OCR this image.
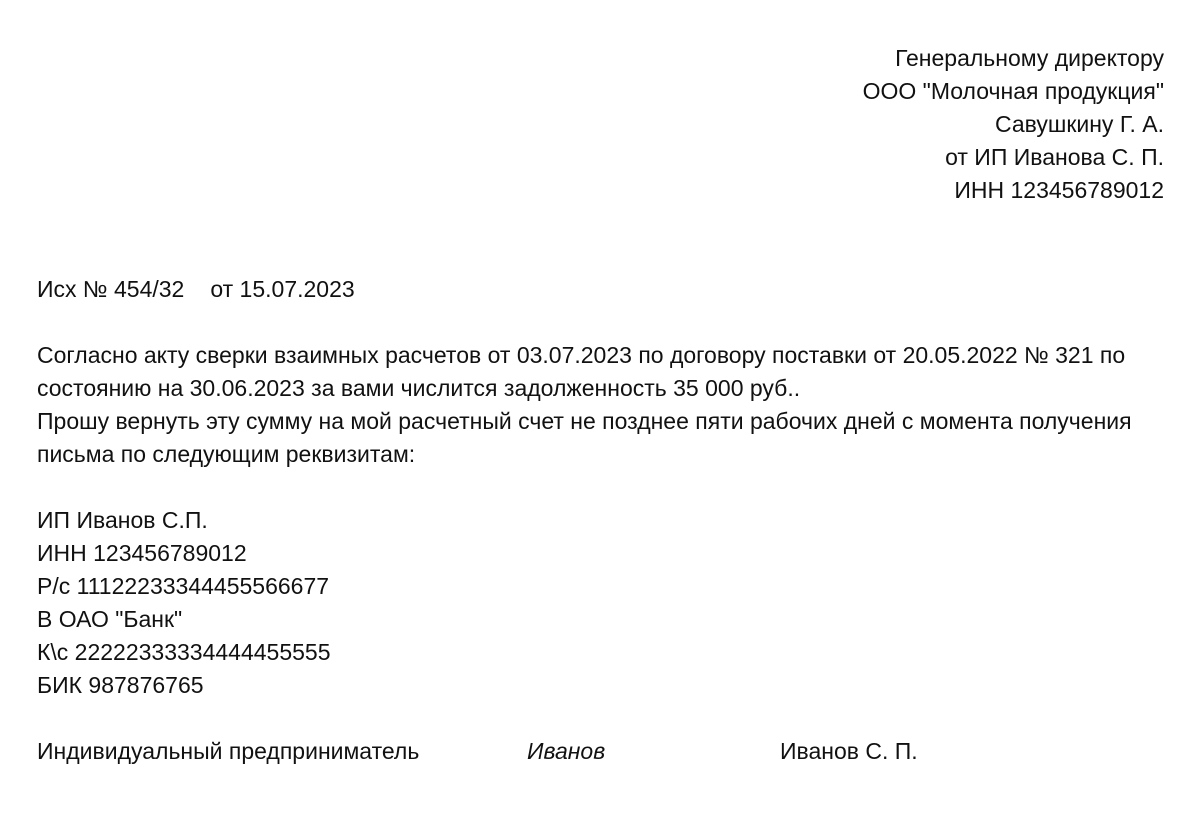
Генеральному директору
ООО "Молочная продукция"
Савушкину Г. А.
от ИП Иванова С. П.
ИНН 123456789012
Исх № 454/32 от 15.07.2023

Согласно акту сверки взаимных расчетов от 03.07.2023 по договору поставки от 20.05.2022 № 321 по состоянию на 30.06.2023 за вами числится задолженность 35 000 руб..

Прошу вернуть эту сумму на мой расчетный счет не позднее пяти рабочих дней с момента получения письма по следующим реквизитам:

ИП Иванов С.П.
ИНН 123456789012
Р/с 11122233344455566677
В ОАО "Банк"
К\с 22222333334444455555
БИК 987876765
Индивидуальный предприниматель	Иванов	Иванов С. П.
